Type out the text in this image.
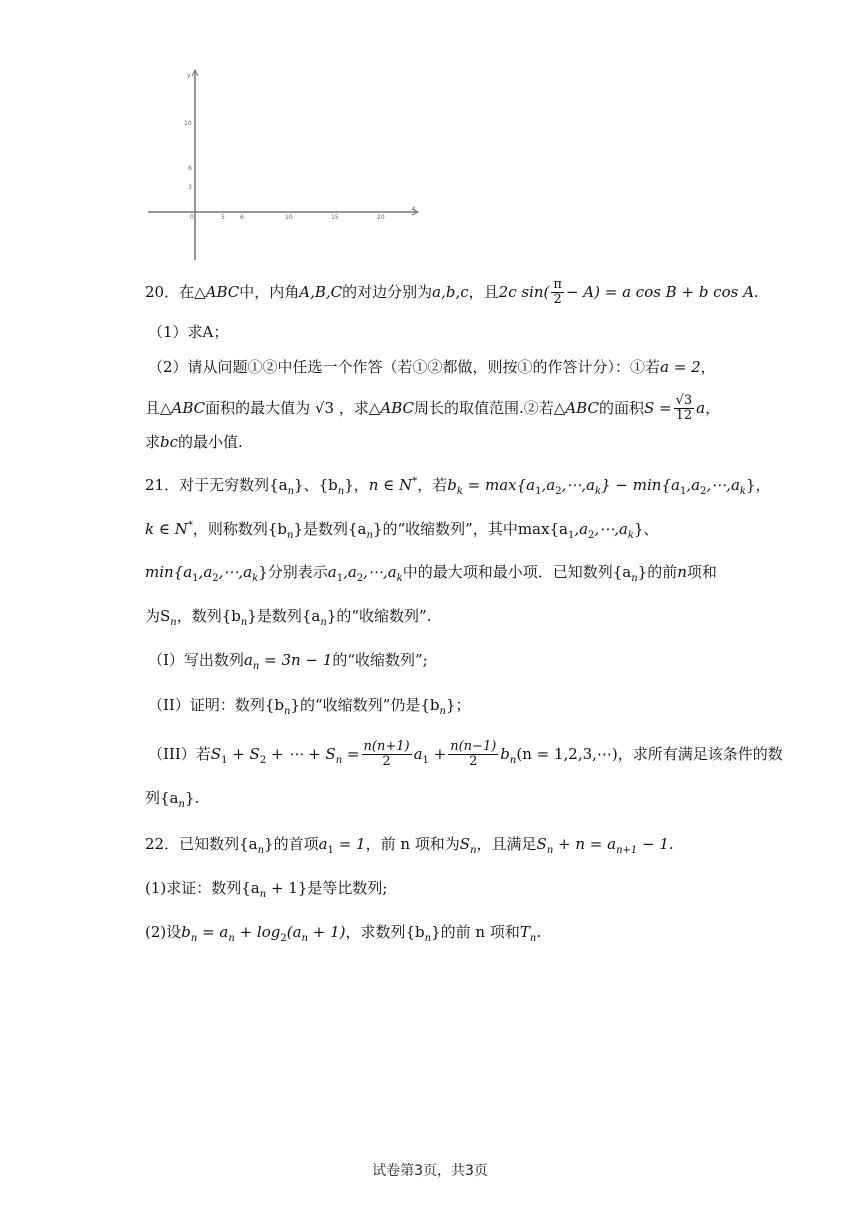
x
y
0	5	6	10	15	20
10
6
3
20．在△ABC中，内角A,B,C的对边分别为a,b,c，且2c $\sin( \frac{\pi}{2} - A) = a$ cos B + b cos A.
（1）求A；
（2）请从问题①②中任选一个作答（若①②都做，则按①的作答计分）：①若a = 2，
且△ABC面积的最大值为 √3 ，求△ABC周长的取值范围.②若△ABC的面积$S = \frac{√3}{12}$ a，
求bc的最小值.
21．对于无穷数列$\{a_n\}$、$\{b_n\}$，n ∈ N*，若$b_k$ = $\max\{a_1,a_2,\cdots,a_k\}$ − $\min\{a_1,a_2,\cdots,a_k\}$，
k ∈ N*，则称数列$\{b_n\}$是数列$\{a_n\}$的“收缩数列”，其中$\max\{a_1,a_2,\cdots,a_k\}$、
$\min\{a_1,a_2,\cdots,a_k\}$分别表示$a_1,a_2,\cdots,a_k$中的最大项和最小项．已知数列$\{a_n\}$的前n项和
为$S_n$，数列$\{b_n\}$是数列$\{a_n\}$的“收缩数列”.
（I）写出数列$a_n = 3n - 1$的“收缩数列”;
（II）证明：数列$\{b_n\}$的“收缩数列”仍是$\{b_n\}$；
（III）若$S_1 + S_2$ + ⋯ + $S_n = \frac{n(n+1)}{2} a_1 + \frac{n(n-1)}{2} b_n(n$ = 1,2,3,⋯)，求所有满足该条件的数
列$\{a_n\}$.
22．已知数列$\{a_n\}$的首项$a_1 = 1$，前 n 项和为$S_n$，且满足$S_n + n = a_{n+1} - 1$.
(1)求证：数列$\{a_n + 1\}$是等比数列;
(2)设$b_n = a_n + \log_2(a_n + 1)$，求数列$\{b_n\}$的前 n 项和$T_n$.
试卷第3页，共3页
